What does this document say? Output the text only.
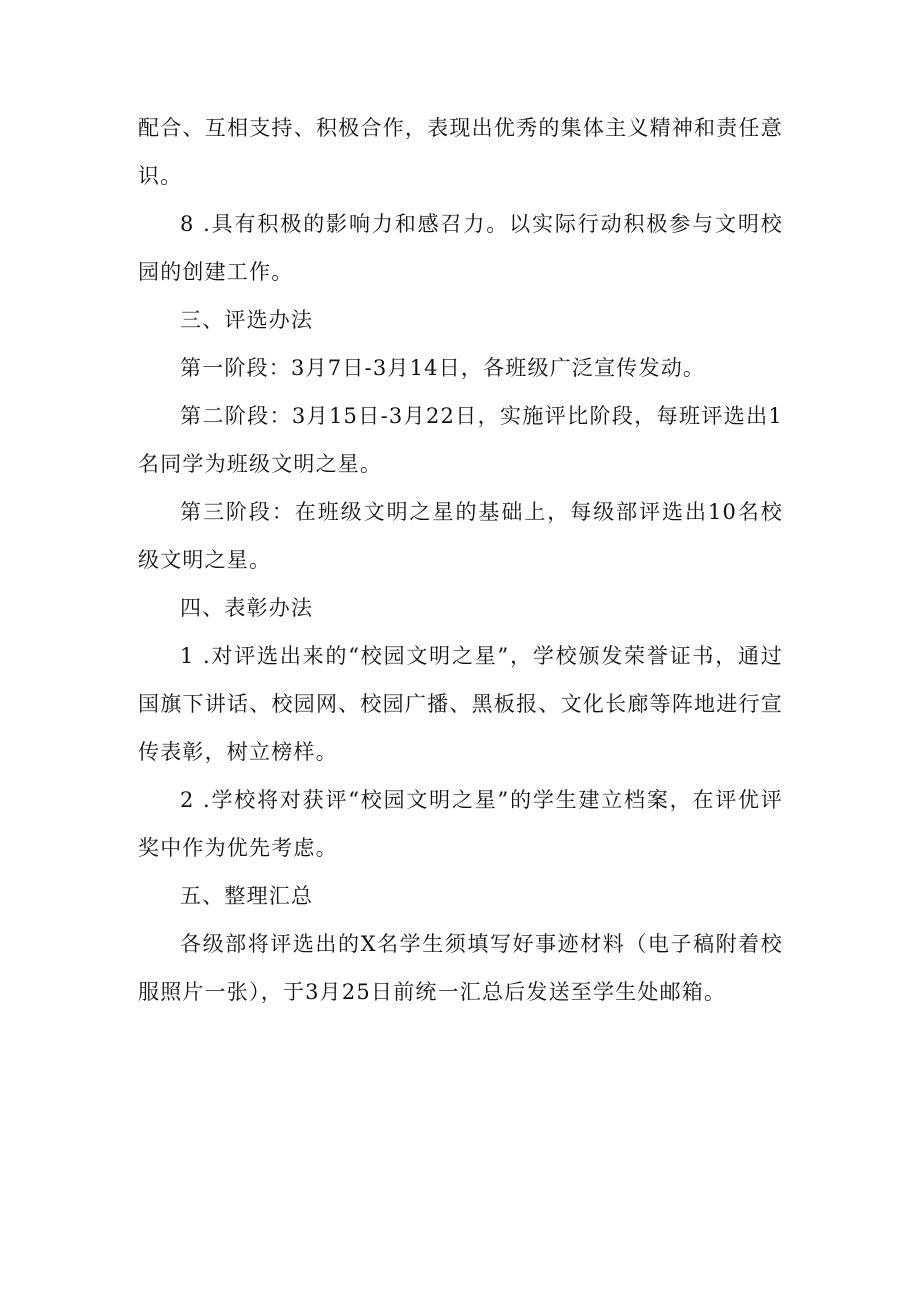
配合、互相支持、积极合作，表现出优秀的集体主义精神和责任意识。

8 .具有积极的影响力和感召力。以实际行动积极参与文明校园的创建工作。

三、评选办法

第一阶段：3月7日-3月14日，各班级广泛宣传发动。

第二阶段：3月15日-3月22日，实施评比阶段，每班评选出1名同学为班级文明之星。

第三阶段：在班级文明之星的基础上，每级部评选出10名校级文明之星。

四、表彰办法

1 .对评选出来的“校园文明之星”，学校颁发荣誉证书，通过国旗下讲话、校园网、校园广播、黑板报、文化长廊等阵地进行宣传表彰，树立榜样。

2 .学校将对获评“校园文明之星”的学生建立档案，在评优评奖中作为优先考虑。

五、整理汇总

各级部将评选出的X名学生须填写好事迹材料（电子稿附着校服照片一张），于3月25日前统一汇总后发送至学生处邮箱。
